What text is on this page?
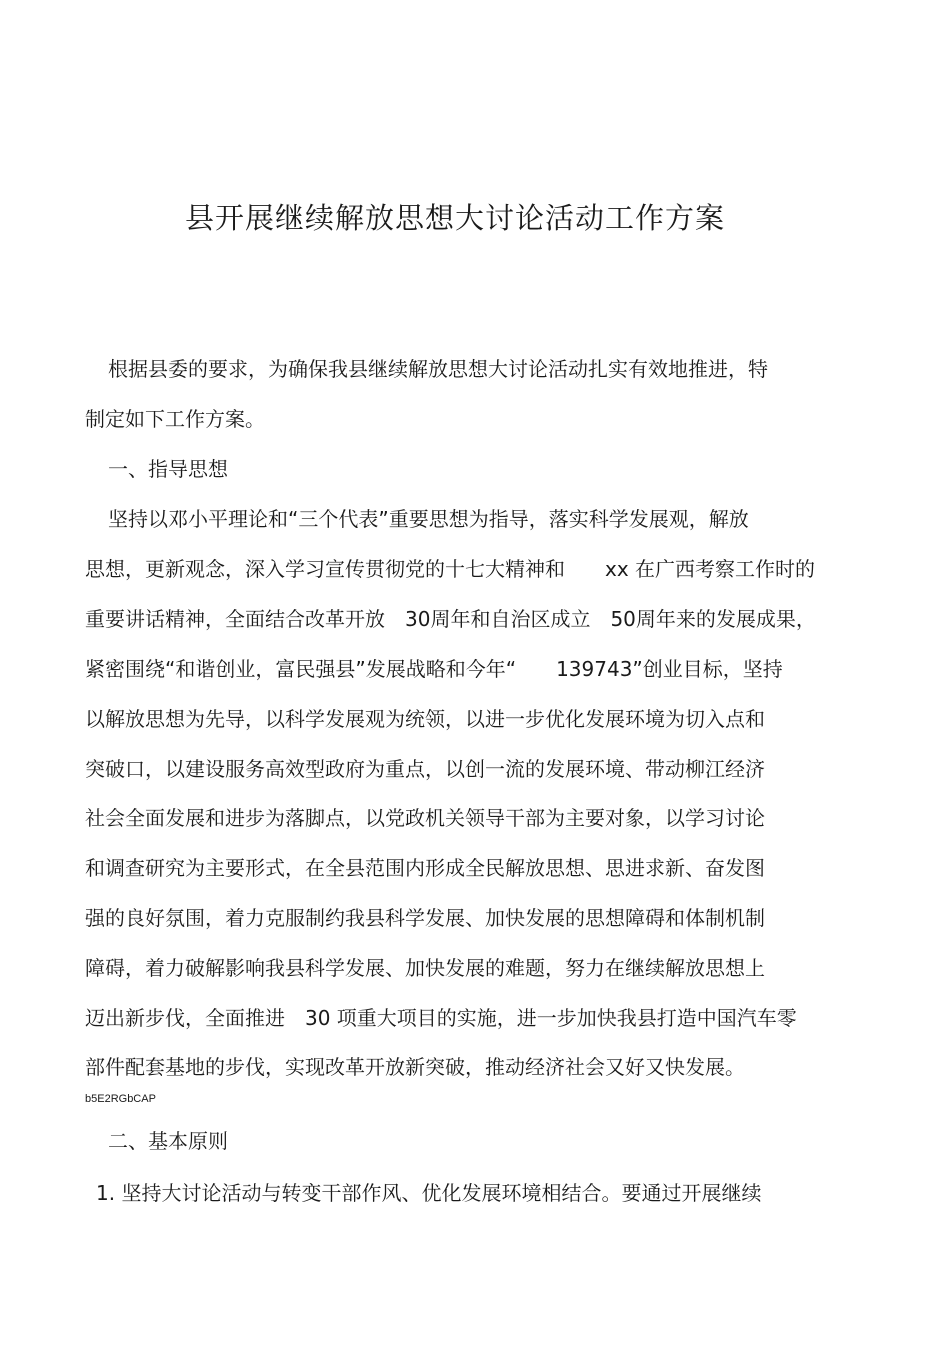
县开展继续解放思想大讨论活动工作方案
根据县委的要求，为确保我县继续解放思想大讨论活动扎实有效地推进，特
制定如下工作方案。
一、指导思想
坚持以邓小平理论和“三个代表”重要思想为指导，落实科学发展观，解放
思想，更新观念，深入学习宣传贯彻党的十七大精神和　　xx 在广西考察工作时的
重要讲话精神，全面结合改革开放　30周年和自治区成立　50周年来的发展成果，
紧密围绕“和谐创业，富民强县”发展战略和今年“　　139743”创业目标，坚持
以解放思想为先导，以科学发展观为统领，以进一步优化发展环境为切入点和
突破口，以建设服务高效型政府为重点，以创一流的发展环境、带动柳江经济
社会全面发展和进步为落脚点，以党政机关领导干部为主要对象，以学习讨论
和调查研究为主要形式，在全县范围内形成全民解放思想、思进求新、奋发图
强的良好氛围，着力克服制约我县科学发展、加快发展的思想障碍和体制机制
障碍，着力破解影响我县科学发展、加快发展的难题，努力在继续解放思想上
迈出新步伐，全面推进　30 项重大项目的实施，进一步加快我县打造中国汽车零
部件配套基地的步伐，实现改革开放新突破，推动经济社会又好又快发展。
b5E2RGbCAP
二、基本原则
1. 坚持大讨论活动与转变干部作风、优化发展环境相结合。要通过开展继续
